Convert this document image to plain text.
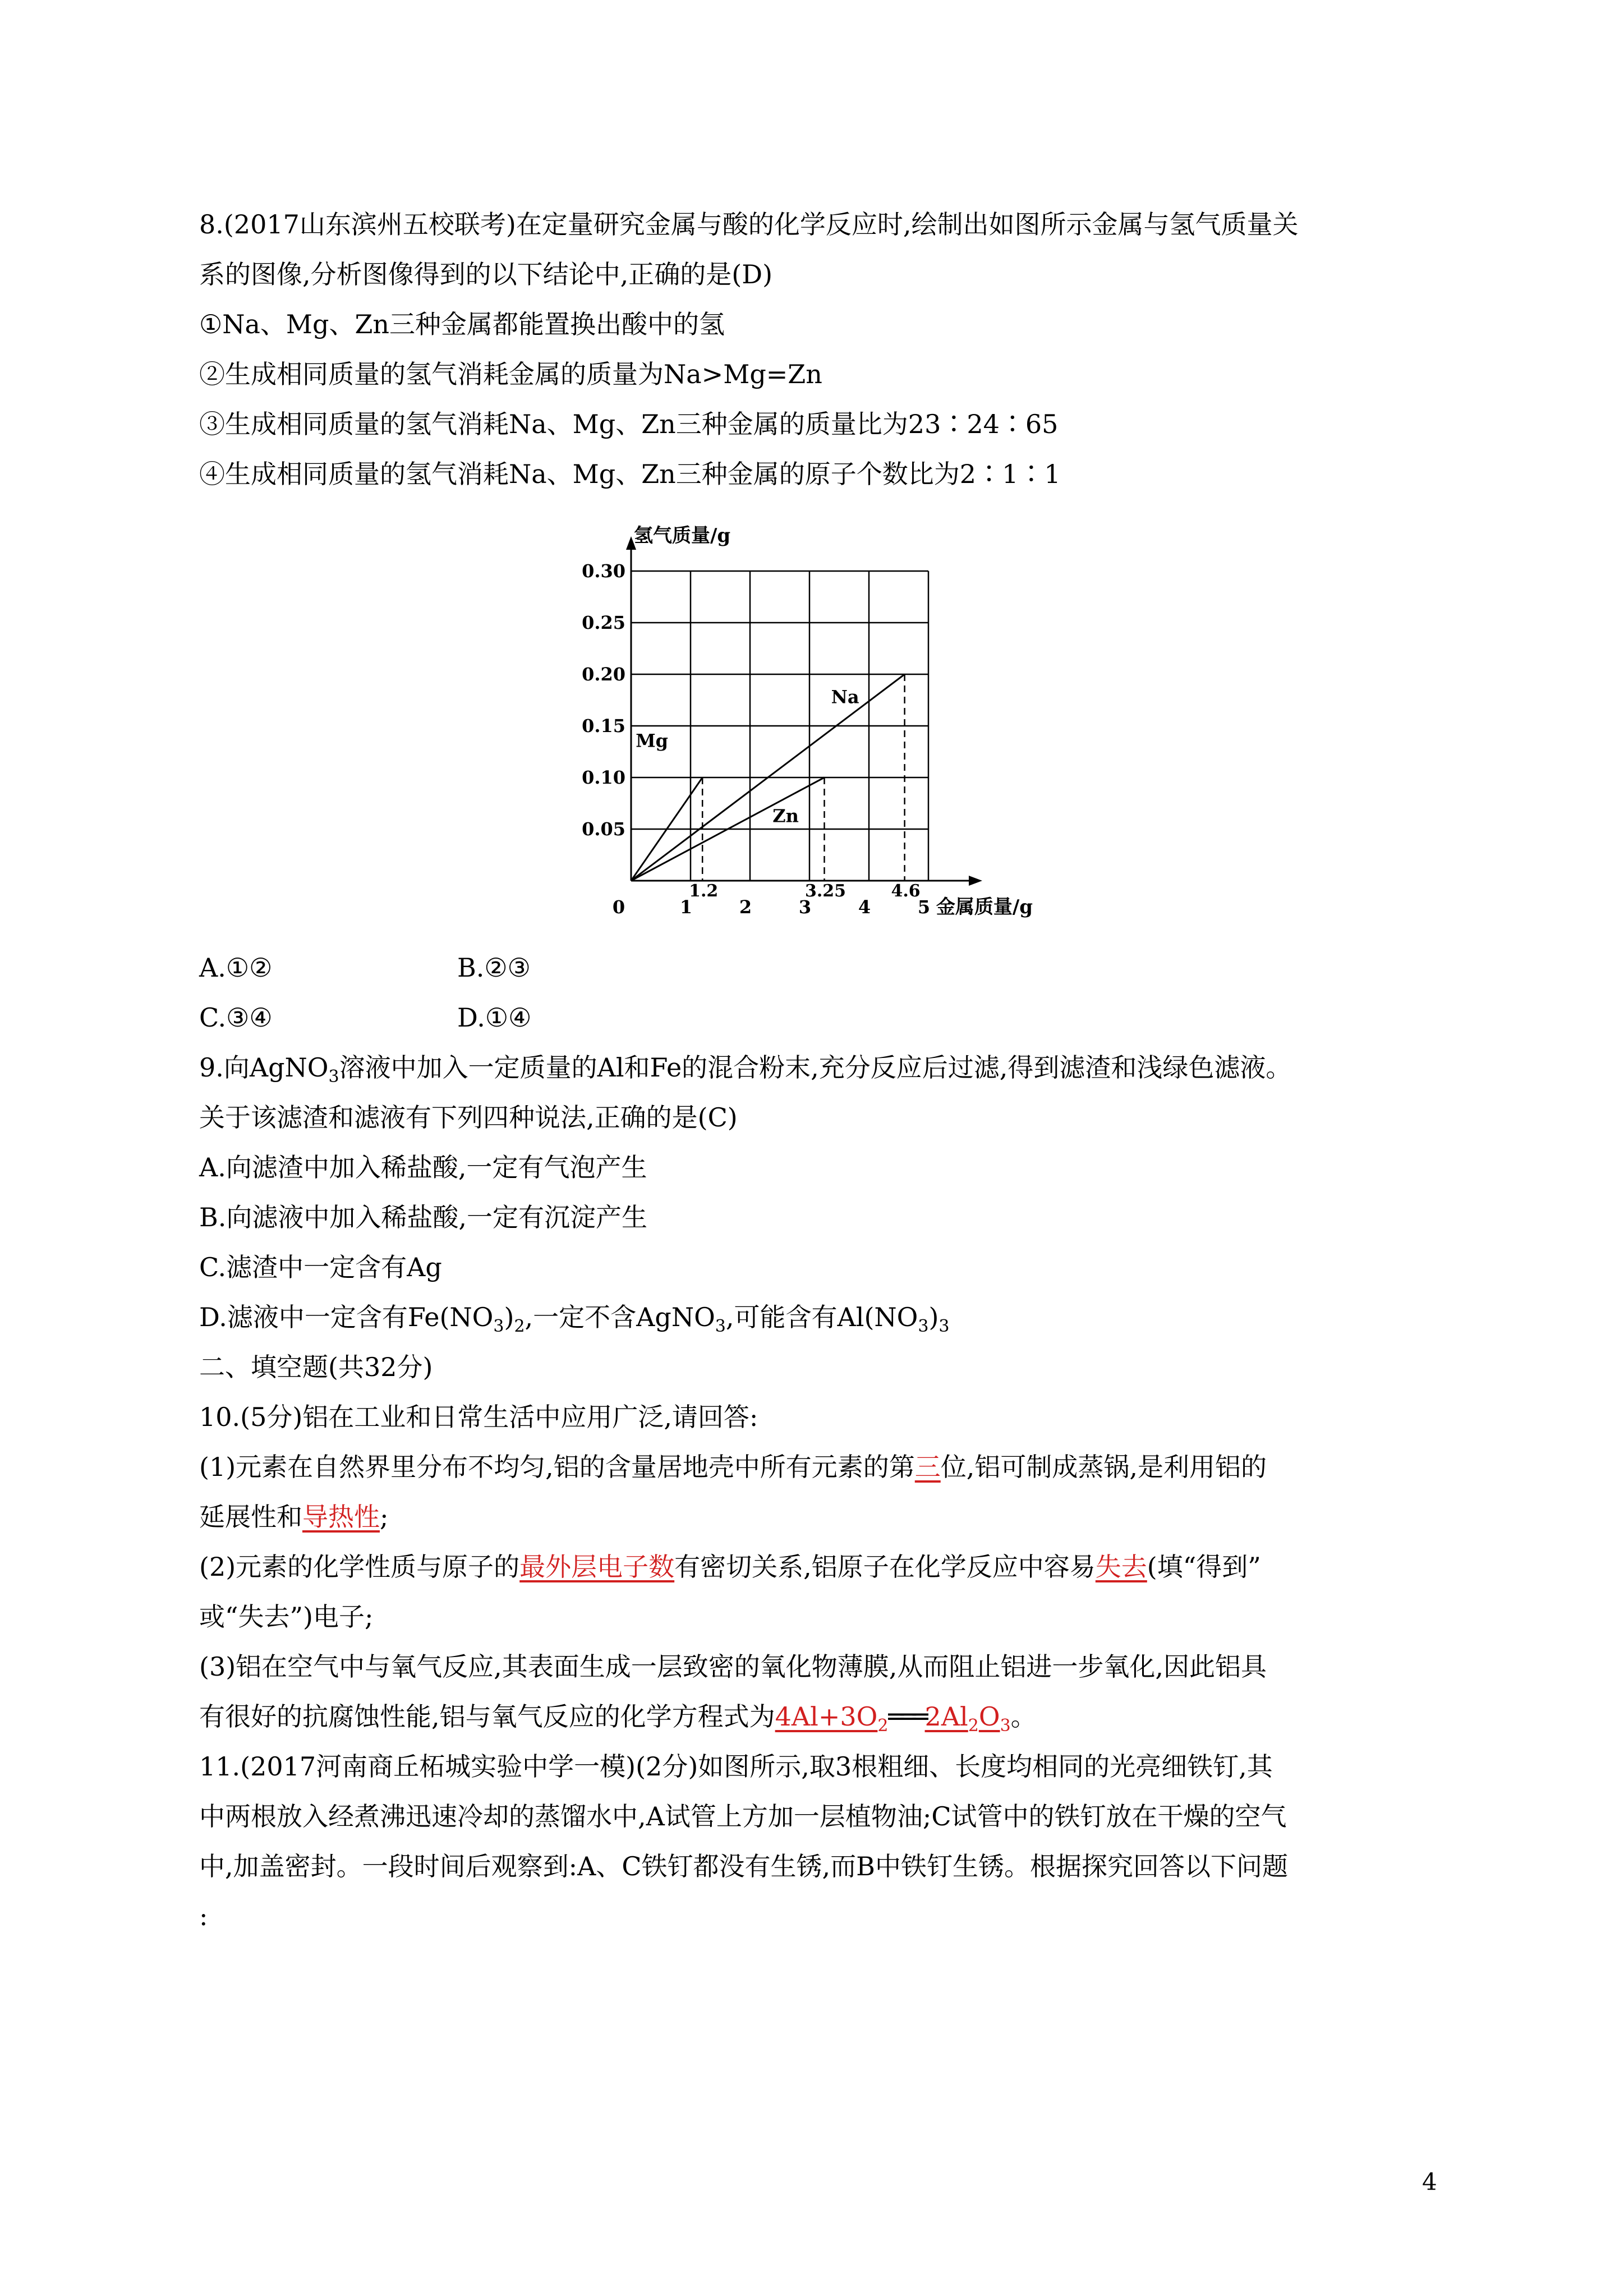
8.(2017山东滨州五校联考)在定量研究金属与酸的化学反应时,绘制出如图所示金属与氢气质量关
系的图像,分析图像得到的以下结论中,正确的是(D)
①Na、Mg、Zn三种金属都能置换出酸中的氢
②生成相同质量的氢气消耗金属的质量为Na>Mg=Zn
③生成相同质量的氢气消耗Na、Mg、Zn三种金属的质量比为23∶24∶65
④生成相同质量的氢气消耗Na、Mg、Zn三种金属的原子个数比为2∶1∶1
0.05
0.10
0.15
0.20
0.25
0.30
1	2	3	4	5
0
氢气质量/g
金属质量/g
Mg
Zn
Na
1.2	3.25	4.6
A.①②	B.②③
C.③④	D.①④
9.向AgNO$_3$溶液中加入一定质量的Al和Fe的混合粉末,充分反应后过滤,得到滤渣和浅绿色滤液。
关于该滤渣和滤液有下列四种说法,正确的是(C)
A.向滤渣中加入稀盐酸,一定有气泡产生
B.向滤液中加入稀盐酸,一定有沉淀产生
C.滤渣中一定含有Ag
D.滤液中一定含有$Fe(NO_3)_2$,一定不含AgNO$_3$,可能含有$Al(NO_3)_3$
二、填空题(共32分)
10.(5分)铝在工业和日常生活中应用广泛,请回答:
(1)元素在自然界里分布不均匀,铝的含量居地壳中所有元素的第三位,铝可制成蒸锅,是利用铝的
延展性和导热性;
(2)元素的化学性质与原子的最外层电子数有密切关系,铝原子在化学反应中容易失去(填“得到”
或“失去”)电子;
(3)铝在空气中与氧气反应,其表面生成一层致密的氧化物薄膜,从而阻止铝进一步氧化,因此铝具
有很好的抗腐蚀性能,铝与氧气反应的化学方程式为$4Al+3O_2═══2Al_2O_3$。
11.(2017河南商丘柘城实验中学一模)(2分)如图所示,取3根粗细、长度均相同的光亮细铁钉,其
中两根放入经煮沸迅速冷却的蒸馏水中,A试管上方加一层植物油;C试管中的铁钉放在干燥的空气
中,加盖密封。一段时间后观察到:A、C铁钉都没有生锈,而B中铁钉生锈。根据探究回答以下问题
:
4
